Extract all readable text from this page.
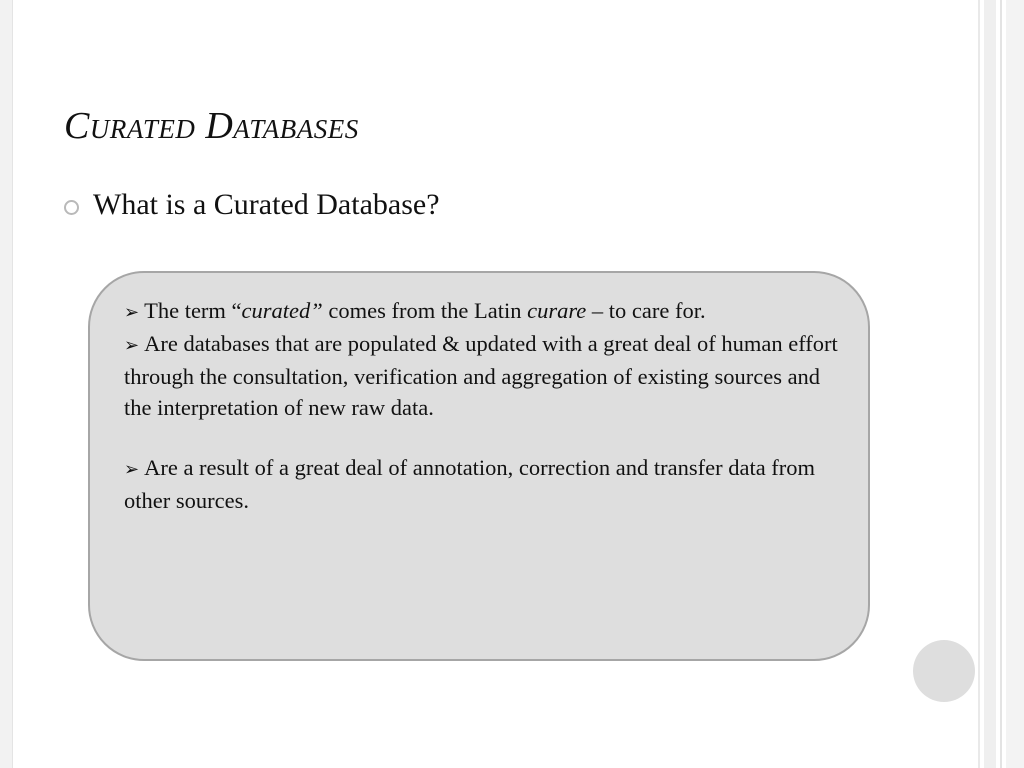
Curated Databases
What is a Curated Database?

➢ The term “curated” comes from the Latin curare – to care for.

➢ Are databases that are populated & updated with a great deal of human effort through the consultation, verification and aggregation of existing sources and the interpretation of new raw data.

➢ Are a result of a great deal of annotation, correction and transfer data from other sources.
